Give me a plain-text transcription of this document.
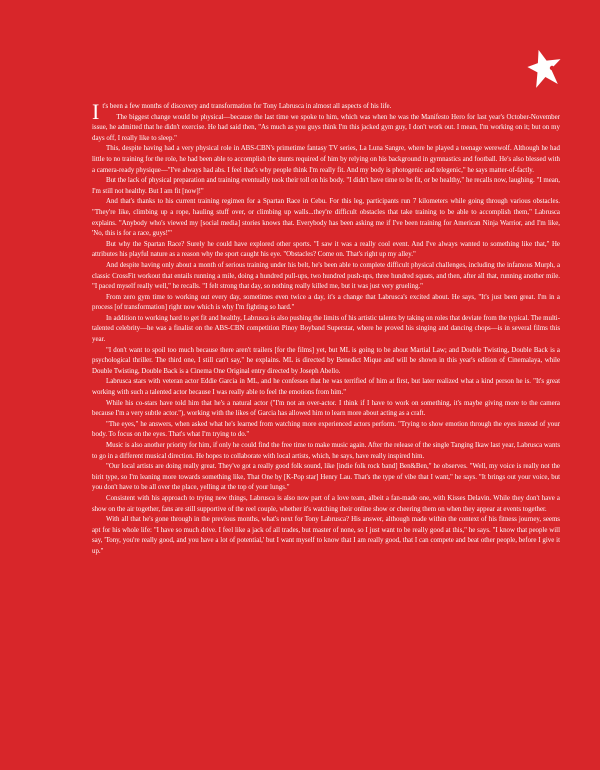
It's been a few months of discovery and transformation for Tony Labrusca in almost all aspects of his life.

The biggest change would be physical—because the last time we spoke to him, which was when he was the Manifesto Hero for last year's October-November issue, he admitted that he didn't exercise. He had said then, "As much as you guys think I'm this jacked gym guy, I don't work out. I mean, I'm working on it; but on my days off, I really like to sleep."

This, despite having had a very physical role in ABS-CBN's primetime fantasy TV series, La Luna Sangre, where he played a teenage werewolf. Although he had little to no training for the role, he had been able to accomplish the stunts required of him by relying on his background in gymnastics and football. He's also blessed with a camera-ready physique—"I've always had abs. I feel that's why people think I'm really fit. And my body is photogenic and telegenic," he says matter-of-factly.

But the lack of physical preparation and training eventually took their toll on his body. "I didn't have time to be fit, or be healthy," he recalls now, laughing. "I mean, I'm still not healthy. But I am fit [now]!"

And that's thanks to his current training regimen for a Spartan Race in Cebu. For this leg, participants run 7 kilometers while going through various obstacles. "They're like, climbing up a rope, hauling stuff over, or climbing up walls...they're difficult obstacles that take training to be able to accomplish them," Labrusca explains. "Anybody who's viewed my [social media] stories knows that. Everybody has been asking me if I've been training for American Ninja Warrior, and I'm like, 'No, this is for a race, guys!'"

But why the Spartan Race? Surely he could have explored other sports. "I saw it was a really cool event. And I've always wanted to something like that," He attributes his playful nature as a reason why the sport caught his eye. "Obstacles? Come on. That's right up my alley."

And despite having only about a month of serious training under his belt, he's been able to complete difficult physical challenges, including the infamous Murph, a classic CrossFit workout that entails running a mile, doing a hundred pull-ups, two hundred push-ups, three hundred squats, and then, after all that, running another mile. "I paced myself really well," he recalls. "I felt strong that day, so nothing really killed me, but it was just very grueling."

From zero gym time to working out every day, sometimes even twice a day, it's a change that Labrusca's excited about. He says, "It's just been great. I'm in a process [of transformation] right now which is why I'm fighting so hard."

In addition to working hard to get fit and healthy, Labrusca is also pushing the limits of his artistic talents by taking on roles that deviate from the typical. The multi-talented celebrity—he was a finalist on the ABS-CBN competition Pinoy Boyband Superstar, where he proved his singing and dancing chops—is in several films this year.

"I don't want to spoil too much because there aren't trailers [for the films] yet, but ML is going to be about Martial Law; and Double Twisting, Double Back is a psychological thriller. The third one, I still can't say," he explains. ML is directed by Benedict Mique and will be shown in this year's edition of Cinemalaya, while Double Twisting, Double Back is a Cinema One Original entry directed by Joseph Abello.

Labrusca stars with veteran actor Eddie Garcia in ML, and he confesses that he was terrified of him at first, but later realized what a kind person he is. "It's great working with such a talented actor because I was really able to feel the emotions from him."

While his co-stars have told him that he's a natural actor ("I'm not an over-actor. I think if I have to work on something, it's maybe giving more to the camera because I'm a very subtle actor."), working with the likes of Garcia has allowed him to learn more about acting as a craft.

"The eyes," he answers, when asked what he's learned from watching more experienced actors perform. "Trying to show emotion through the eyes instead of your body. To focus on the eyes. That's what I'm trying to do."

Music is also another priority for him, if only he could find the free time to make music again. After the release of the single Tanging Ikaw last year, Labrusca wants to go in a different musical direction. He hopes to collaborate with local artists, which, he says, have really inspired him.

"Our local artists are doing really great. They've got a really good folk sound, like [indie folk rock band] Ben&Ben," he observes. "Well, my voice is really not the birit type, so I'm leaning more towards something like, That One by [K-Pop star] Henry Lau. That's the type of vibe that I want," he says. "It brings out your voice, but you don't have to be all over the place, yelling at the top of your lungs."

Consistent with his approach to trying new things, Labrusca is also now part of a love team, albeit a fan-made one, with Kisses Delavin. While they don't have a show on the air together, fans are still supportive of the reel couple, whether it's watching their online show or cheering them on when they appear at events together.

With all that he's gone through in the previous months, what's next for Tony Labrusca? His answer, although made within the context of his fitness journey, seems apt for his whole life: "I have so much drive. I feel like a jack of all trades, but master of none, so I just want to be really good at this," he says. "I know that people will say, 'Tony, you're really good, and you have a lot of potential,' but I want myself to know that I am really good, that I can compete and beat other people, before I give it up."
